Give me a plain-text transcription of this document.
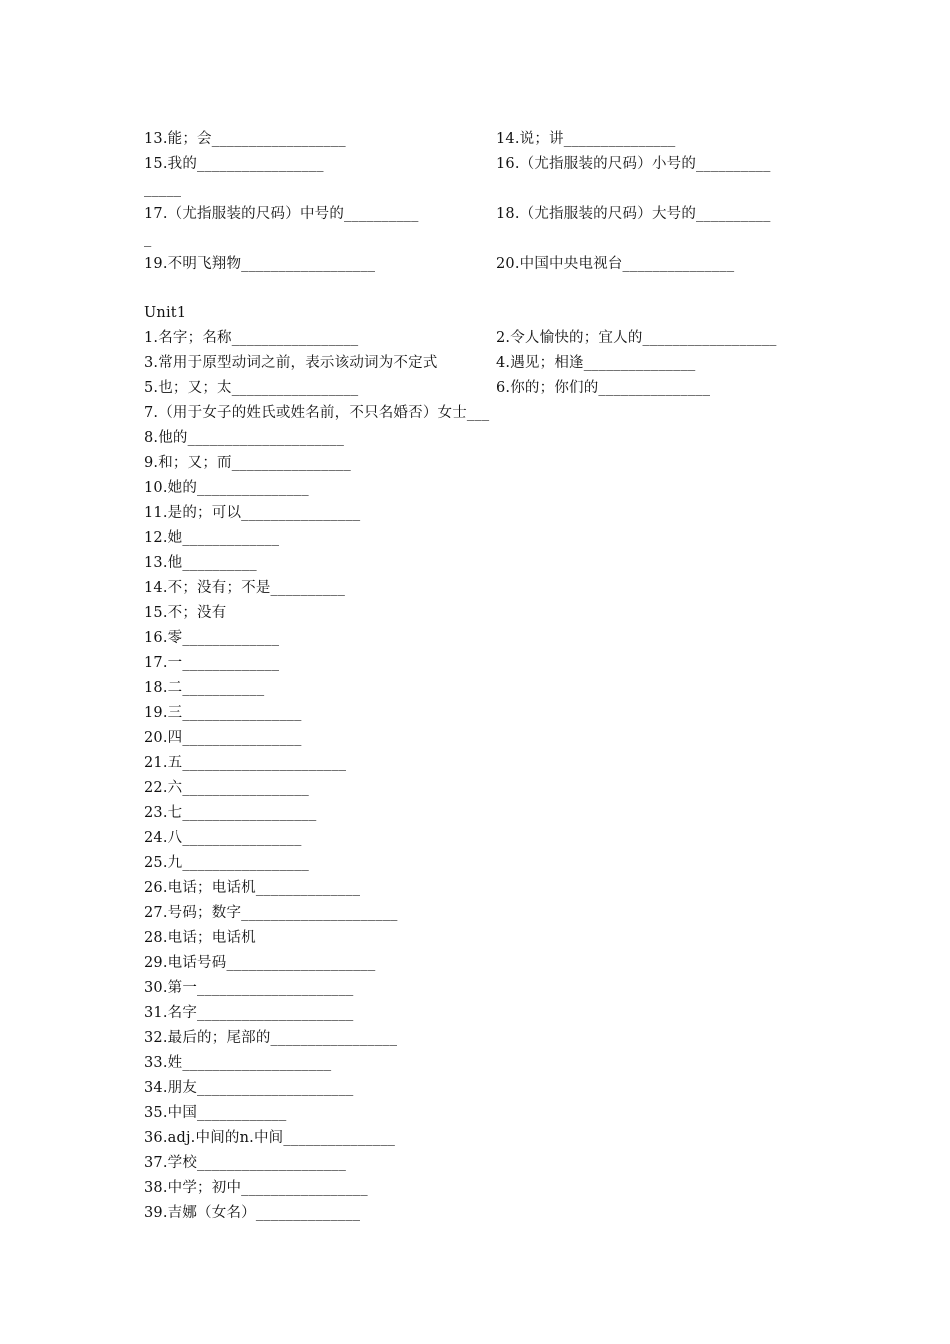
13.能；会__________________	14.说；讲_______________
15.我的_________________	16.（尤指服装的尺码）小号的__________
_____
17.（尤指服装的尺码）中号的__________	18.（尤指服装的尺码）大号的__________
_
19.不明飞翔物__________________	20.中国中央电视台_______________
Unit1
1.名字；名称_________________	2.令人愉快的；宜人的__________________
3.常用于原型动词之前，表示该动词为不定式	4.遇见；相逢_______________
5.也；又；太_________________	6.你的；你们的_______________
7.（用于女子的姓氏或姓名前，不只名婚否）女士___
8.他的_____________________
9.和；又；而________________
10.她的_______________
11.是的；可以________________
12.她_____________
13.他__________
14.不；没有；不是__________
15.不；没有
16.零_____________
17.一_____________
18.二___________
19.三________________
20.四________________
21.五______________________
22.六_________________
23.七__________________
24.八________________
25.九_________________
26.电话；电话机______________
27.号码；数字_____________________
28.电话；电话机
29.电话号码____________________
30.第一_____________________
31.名字_____________________
32.最后的；尾部的_________________
33.姓____________________
34.朋友_____________________
35.中国____________
36.adj.中间的n.中间_______________
37.学校____________________
38.中学；初中_________________
39.吉娜（女名）______________
